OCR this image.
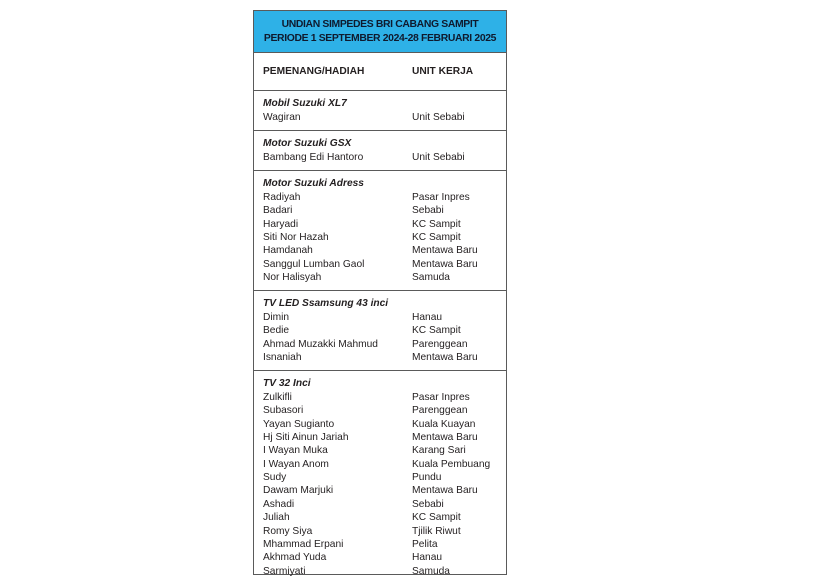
UNDIAN SIMPEDES BRI CABANG SAMPIT
PERIODE 1 SEPTEMBER 2024-28 FEBRUARI 2025
PEMENANG/HADIAH	UNIT KERJA
Mobil Suzuki XL7
Wagiran	Unit Sebabi
Motor Suzuki GSX
Bambang Edi Hantoro	Unit Sebabi
Motor Suzuki Adress
Radiyah	Pasar Inpres
Badari	Sebabi
Haryadi	KC Sampit
Siti Nor Hazah	KC Sampit
Hamdanah	Mentawa Baru
Sanggul Lumban Gaol	Mentawa Baru
Nor Halisyah	Samuda
TV LED Ssamsung 43 inci
Dimin	Hanau
Bedie	KC Sampit
Ahmad Muzakki Mahmud	Parenggean
Isnaniah	Mentawa Baru
TV 32 Inci
Zulkifli	Pasar Inpres
Subasori	Parenggean
Yayan Sugianto	Kuala Kuayan
Hj Siti Ainun Jariah	Mentawa Baru
I Wayan Muka	Karang Sari
I Wayan Anom	Kuala Pembuang
Sudy	Pundu
Dawam Marjuki	Mentawa Baru
Ashadi	Sebabi
Juliah	KC Sampit
Romy Siya	Tjilik Riwut
Mhammad Erpani	Pelita
Akhmad Yuda	Hanau
Sarmiyati	Samuda
